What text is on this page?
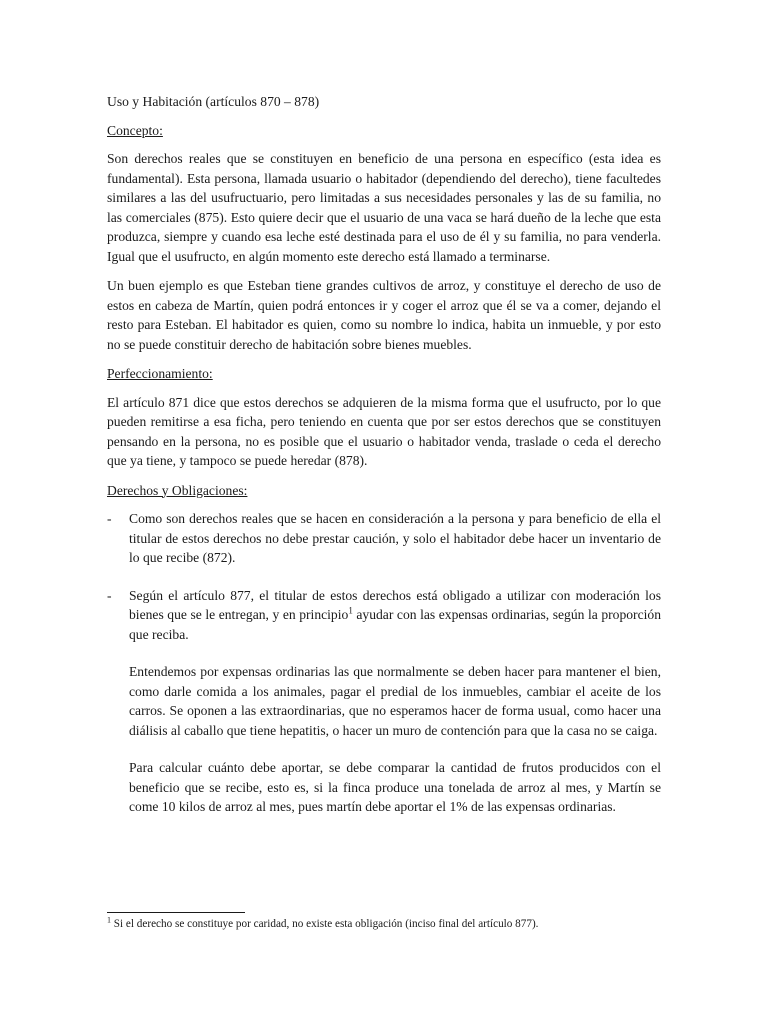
Uso y Habitación (artículos 870 – 878)

Concepto:

Son derechos reales que se constituyen en beneficio de una persona en específico (esta idea es fundamental). Esta persona, llamada usuario o habitador (dependiendo del derecho), tiene facultedes similares a las del usufructuario, pero limitadas a sus necesidades personales y las de su familia, no las comerciales (875). Esto quiere decir que el usuario de una vaca se hará dueño de la leche que esta produzca, siempre y cuando esa leche esté destinada para el uso de él y su familia, no para venderla. Igual que el usufructo, en algún momento este derecho está llamado a terminarse.

Un buen ejemplo es que Esteban tiene grandes cultivos de arroz, y constituye el derecho de uso de estos en cabeza de Martín, quien podrá entonces ir y coger el arroz que él se va a comer, dejando el resto para Esteban. El habitador es quien, como su nombre lo indica, habita un inmueble, y por esto no se puede constituir derecho de habitación sobre bienes muebles.

Perfeccionamiento:

El artículo 871 dice que estos derechos se adquieren de la misma forma que el usufructo, por lo que pueden remitirse a esa ficha, pero teniendo en cuenta que por ser estos derechos que se constituyen pensando en la persona, no es posible que el usuario o habitador venda, traslade o ceda el derecho que ya tiene, y tampoco se puede heredar (878).

Derechos y Obligaciones:

- Como son derechos reales que se hacen en consideración a la persona y para beneficio de ella el titular de estos derechos no debe prestar caución, y solo el habitador debe hacer un inventario de lo que recibe (872).

- Según el artículo 877, el titular de estos derechos está obligado a utilizar con moderación los bienes que se le entregan, y en principio$^1$ ayudar con las expensas ordinarias, según la proporción que reciba.

Entendemos por expensas ordinarias las que normalmente se deben hacer para mantener el bien, como darle comida a los animales, pagar el predial de los inmuebles, cambiar el aceite de los carros. Se oponen a las extraordinarias, que no esperamos hacer de forma usual, como hacer una diálisis al caballo que tiene hepatitis, o hacer un muro de contención para que la casa no se caiga.

Para calcular cuánto debe aportar, se debe comparar la cantidad de frutos producidos con el beneficio que se recibe, esto es, si la finca produce una tonelada de arroz al mes, y Martín se come 10 kilos de arroz al mes, pues martín debe aportar el 1% de las expensas ordinarias.

$^1$ Si el derecho se constituye por caridad, no existe esta obligación (inciso final del artículo 877).
